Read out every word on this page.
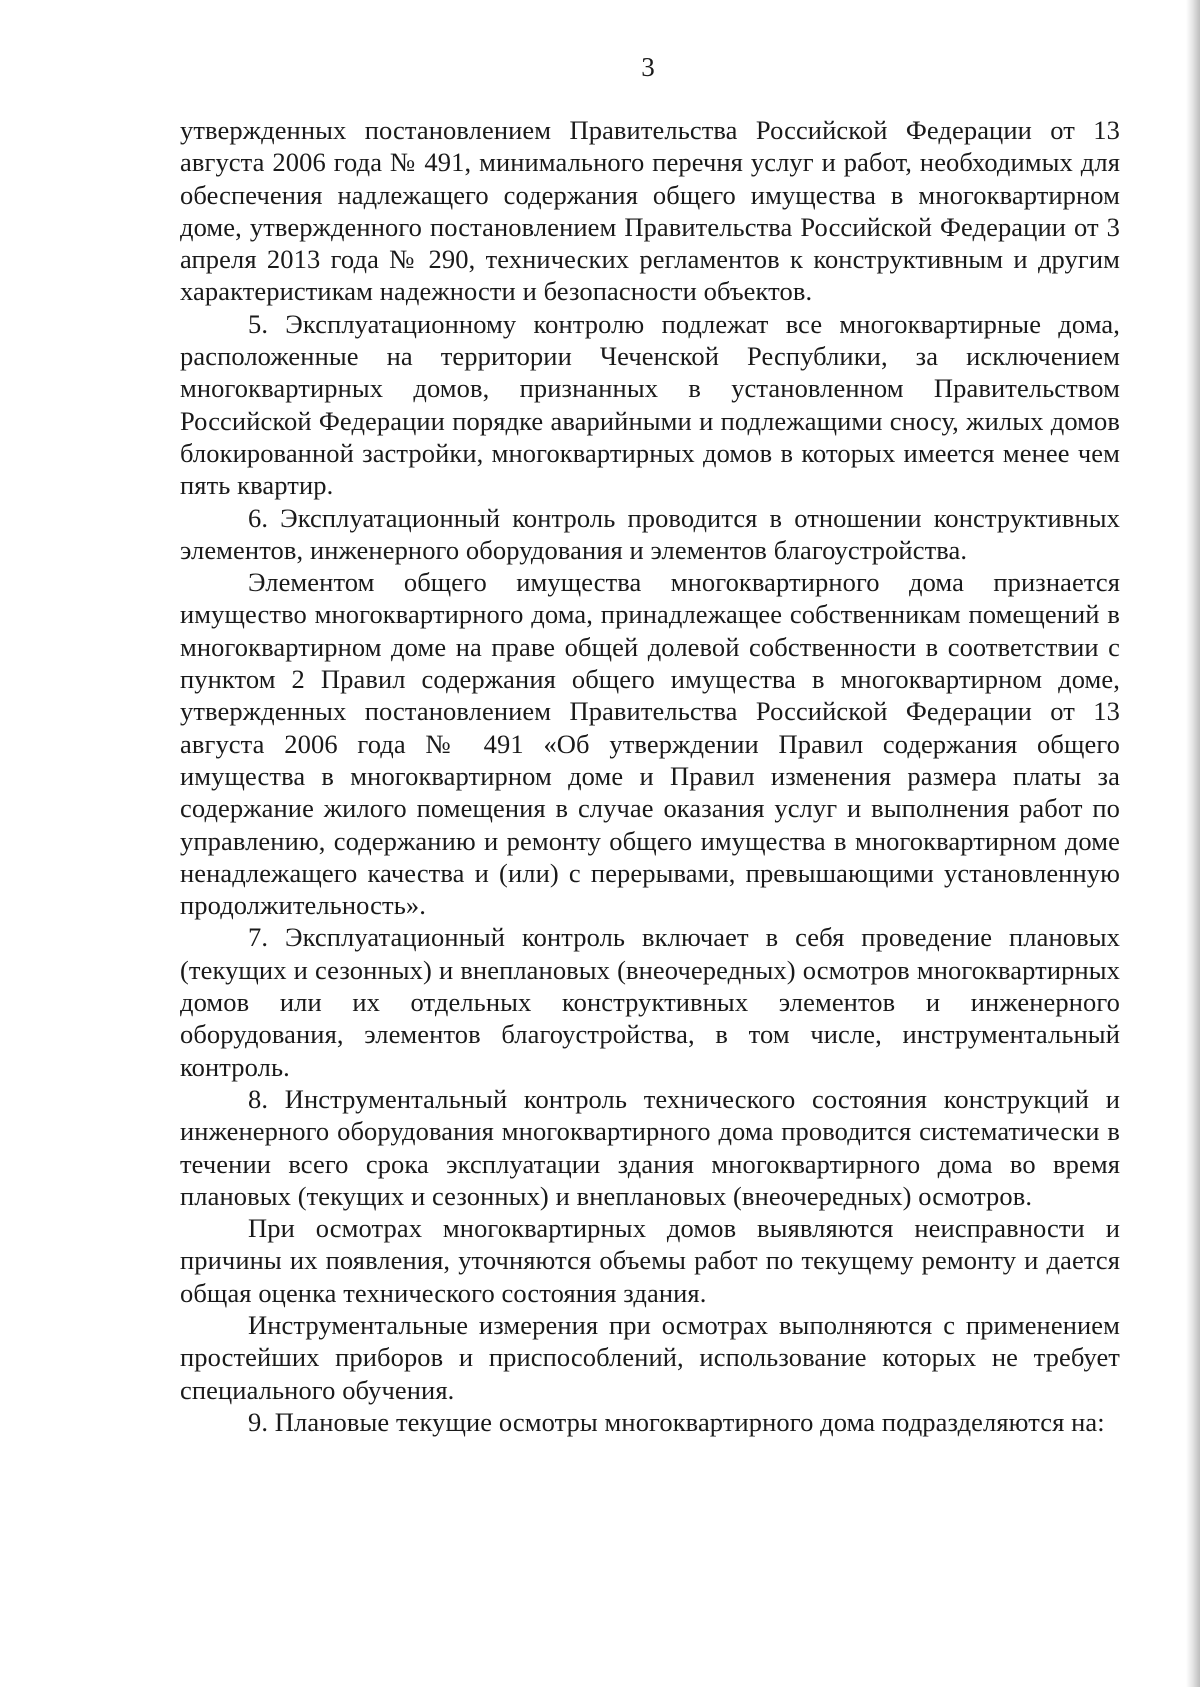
3

утвержденных постановлением Правительства Российской Федерации от 13 августа 2006 года № 491, минимального перечня услуг и работ, необходимых для обеспечения надлежащего содержания общего имущества в многоквартирном доме, утвержденного постановлением Правительства Российской Федерации от 3 апреля 2013 года № 290, технических регламентов к конструктивным и другим характеристикам надежности и безопасности объектов.

5. Эксплуатационному контролю подлежат все многоквартирные дома, расположенные на территории Чеченской Республики, за исключением многоквартирных домов, признанных в установленном Правительством Российской Федерации порядке аварийными и подлежащими сносу, жилых домов блокированной застройки, многоквартирных домов в которых имеется менее чем пять квартир.

6. Эксплуатационный контроль проводится в отношении конструктивных элементов, инженерного оборудования и элементов благоустройства.

Элементом общего имущества многоквартирного дома признается имущество многоквартирного дома, принадлежащее собственникам помещений в многоквартирном доме на праве общей долевой собственности в соответствии с пунктом 2 Правил содержания общего имущества в многоквартирном доме, утвержденных постановлением Правительства Российской Федерации от 13 августа 2006 года № 491 «Об утверждении Правил содержания общего имущества в многоквартирном доме и Правил изменения размера платы за содержание жилого помещения в случае оказания услуг и выполнения работ по управлению, содержанию и ремонту общего имущества в многоквартирном доме ненадлежащего качества и (или) с перерывами, превышающими установленную продолжительность».

7. Эксплуатационный контроль включает в себя проведение плановых (текущих и сезонных) и внеплановых (внеочередных) осмотров многоквартирных домов или их отдельных конструктивных элементов и инженерного оборудования, элементов благоустройства, в том числе, инструментальный контроль.

8. Инструментальный контроль технического состояния конструкций и инженерного оборудования многоквартирного дома проводится систематически в течении всего срока эксплуатации здания многоквартирного дома во время плановых (текущих и сезонных) и внеплановых (внеочередных) осмотров.

При осмотрах многоквартирных домов выявляются неисправности и причины их появления, уточняются объемы работ по текущему ремонту и дается общая оценка технического состояния здания.

Инструментальные измерения при осмотрах выполняются с применением простейших приборов и приспособлений, использование которых не требует специального обучения.

9. Плановые текущие осмотры многоквартирного дома подразделяются на:
